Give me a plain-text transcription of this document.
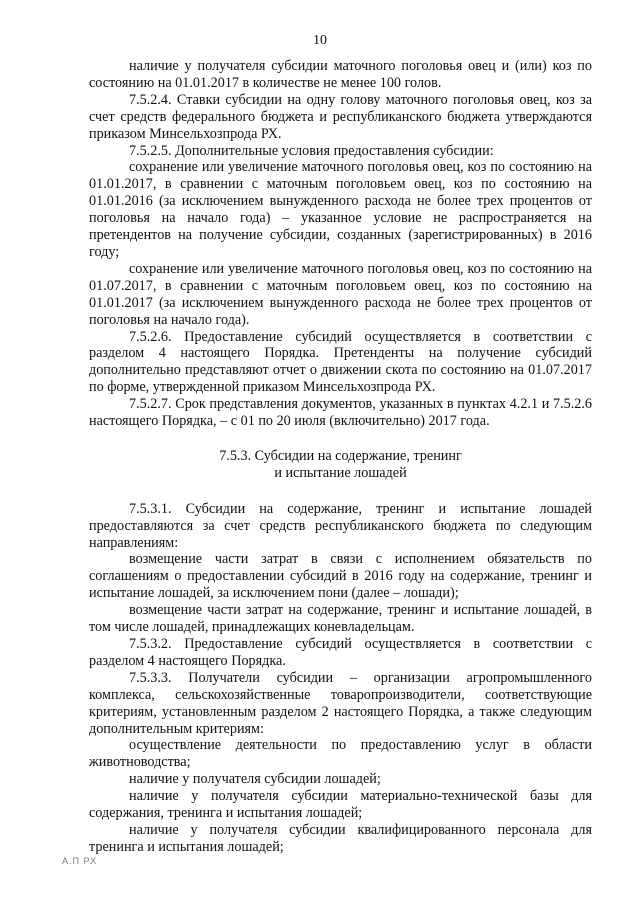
10

наличие у получателя субсидии маточного поголовья овец и (или) коз по состоянию на 01.01.2017 в количестве не менее 100 голов.

7.5.2.4. Ставки субсидии на одну голову маточного поголовья овец, коз за счет средств федерального бюджета и республиканского бюджета утверждаются приказом Минсельхозпрода РХ.

7.5.2.5. Дополнительные условия предоставления субсидии:

сохранение или увеличение маточного поголовья овец, коз по состоянию на 01.01.2017, в сравнении с маточным поголовьем овец, коз по состоянию на 01.01.2016 (за исключением вынужденного расхода не более трех процентов от поголовья на начало года) – указанное условие не распространяется на претендентов на получение субсидии, созданных (зарегистрированных) в 2016 году;

сохранение или увеличение маточного поголовья овец, коз по состоянию на 01.07.2017, в сравнении с маточным поголовьем овец, коз по состоянию на 01.01.2017 (за исключением вынужденного расхода не более трех процентов от поголовья на начало года).

7.5.2.6. Предоставление субсидий осуществляется в соответствии с разделом 4 настоящего Порядка. Претенденты на получение субсидий дополнительно представляют отчет о движении скота по состоянию на 01.07.2017 по форме, утвержденной приказом Минсельхозпрода РХ.

7.5.2.7. Срок представления документов, указанных в пунктах 4.2.1 и 7.5.2.6 настоящего Порядка, – с 01 по 20 июля (включительно) 2017 года.

7.5.3. Субсидии на содержание, тренинг
и испытание лошадей

7.5.3.1. Субсидии на содержание, тренинг и испытание лошадей предоставляются за счет средств республиканского бюджета по следующим направлениям:

возмещение части затрат в связи с исполнением обязательств по соглашениям о предоставлении субсидий в 2016 году на содержание, тренинг и испытание лошадей, за исключением пони (далее – лошади);

возмещение части затрат на содержание, тренинг и испытание лошадей, в том числе лошадей, принадлежащих коневладельцам.

7.5.3.2. Предоставление субсидий осуществляется в соответствии с разделом 4 настоящего Порядка.

7.5.3.3. Получатели субсидии – организации агропромышленного комплекса, сельскохозяйственные товаропроизводители, соответствующие критериям, установленным разделом 2 настоящего Порядка, а также следующим дополнительным критериям:

осуществление деятельности по предоставлению услуг в области животноводства;

наличие у получателя субсидии лошадей;

наличие у получателя субсидии материально-технической базы для содержания, тренинга и испытания лошадей;

наличие у получателя субсидии квалифицированного персонала для тренинга и испытания лошадей;

А.П РХ
